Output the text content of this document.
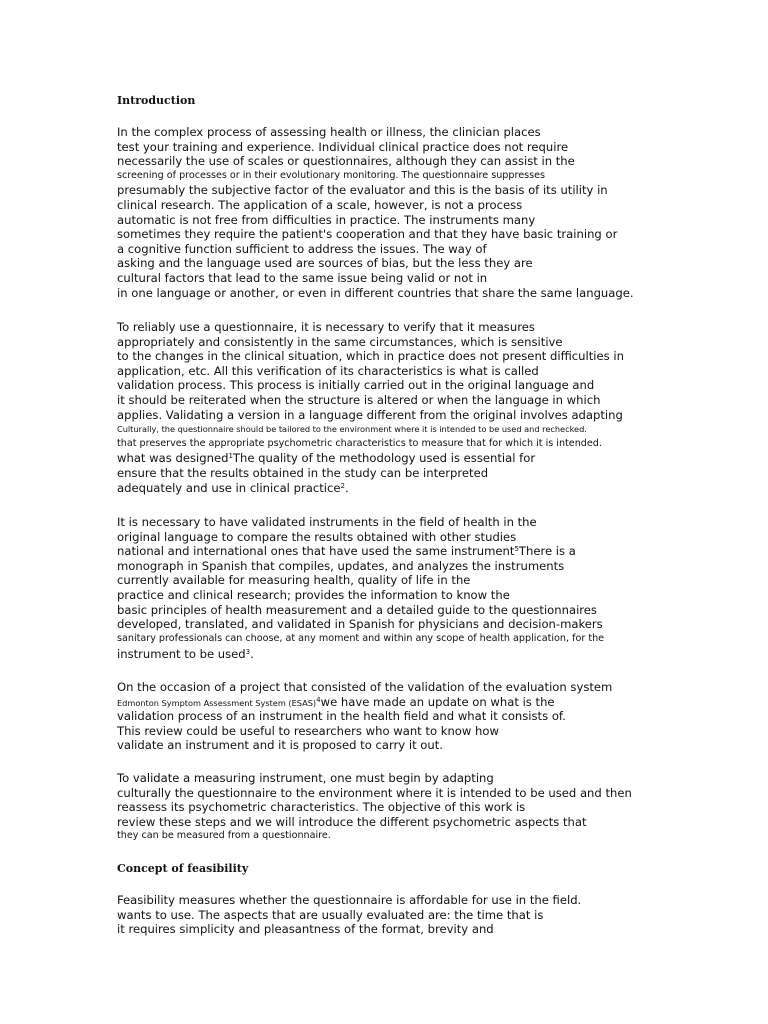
Introduction

In the complex process of assessing health or illness, the clinician places
test your training and experience. Individual clinical practice does not require
necessarily the use of scales or questionnaires, although they can assist in the
screening of processes or in their evolutionary monitoring. The questionnaire suppresses
presumably the subjective factor of the evaluator and this is the basis of its utility in
clinical research. The application of a scale, however, is not a process
automatic is not free from difficulties in practice. The instruments many
sometimes they require the patient's cooperation and that they have basic training or
a cognitive function sufficient to address the issues. The way of
asking and the language used are sources of bias, but the less they are
cultural factors that lead to the same issue being valid or not in
in one language or another, or even in different countries that share the same language.

To reliably use a questionnaire, it is necessary to verify that it measures
appropriately and consistently in the same circumstances, which is sensitive
to the changes in the clinical situation, which in practice does not present difficulties in
application, etc. All this verification of its characteristics is what is called
validation process. This process is initially carried out in the original language and
it should be reiterated when the structure is altered or when the language in which
applies. Validating a version in a language different from the original involves adapting
Culturally, the questionnaire should be tailored to the environment where it is intended to be used and rechecked.
that preserves the appropriate psychometric characteristics to measure that for which it is intended.
what was designed$^1$The quality of the methodology used is essential for
ensure that the results obtained in the study can be interpreted
adequately and use in clinical practice$^2$.

It is necessary to have validated instruments in the field of health in the
original language to compare the results obtained with other studies
national and international ones that have used the same instrument$^5$There is a
monograph in Spanish that compiles, updates, and analyzes the instruments
currently available for measuring health, quality of life in the
practice and clinical research; provides the information to know the
basic principles of health measurement and a detailed guide to the questionnaires
developed, translated, and validated in Spanish for physicians and decision-makers
sanitary professionals can choose, at any moment and within any scope of health application, for the
instrument to be used$^3$.

On the occasion of a project that consisted of the validation of the evaluation system
Edmonton Symptom Assessment System (ESAS)$^4$we have made an update on what is the
validation process of an instrument in the health field and what it consists of.
This review could be useful to researchers who want to know how
validate an instrument and it is proposed to carry it out.

To validate a measuring instrument, one must begin by adapting
culturally the questionnaire to the environment where it is intended to be used and then
reassess its psychometric characteristics. The objective of this work is
review these steps and we will introduce the different psychometric aspects that
they can be measured from a questionnaire.

Concept of feasibility

Feasibility measures whether the questionnaire is affordable for use in the field.
wants to use. The aspects that are usually evaluated are: the time that is
it requires simplicity and pleasantness of the format, brevity and
